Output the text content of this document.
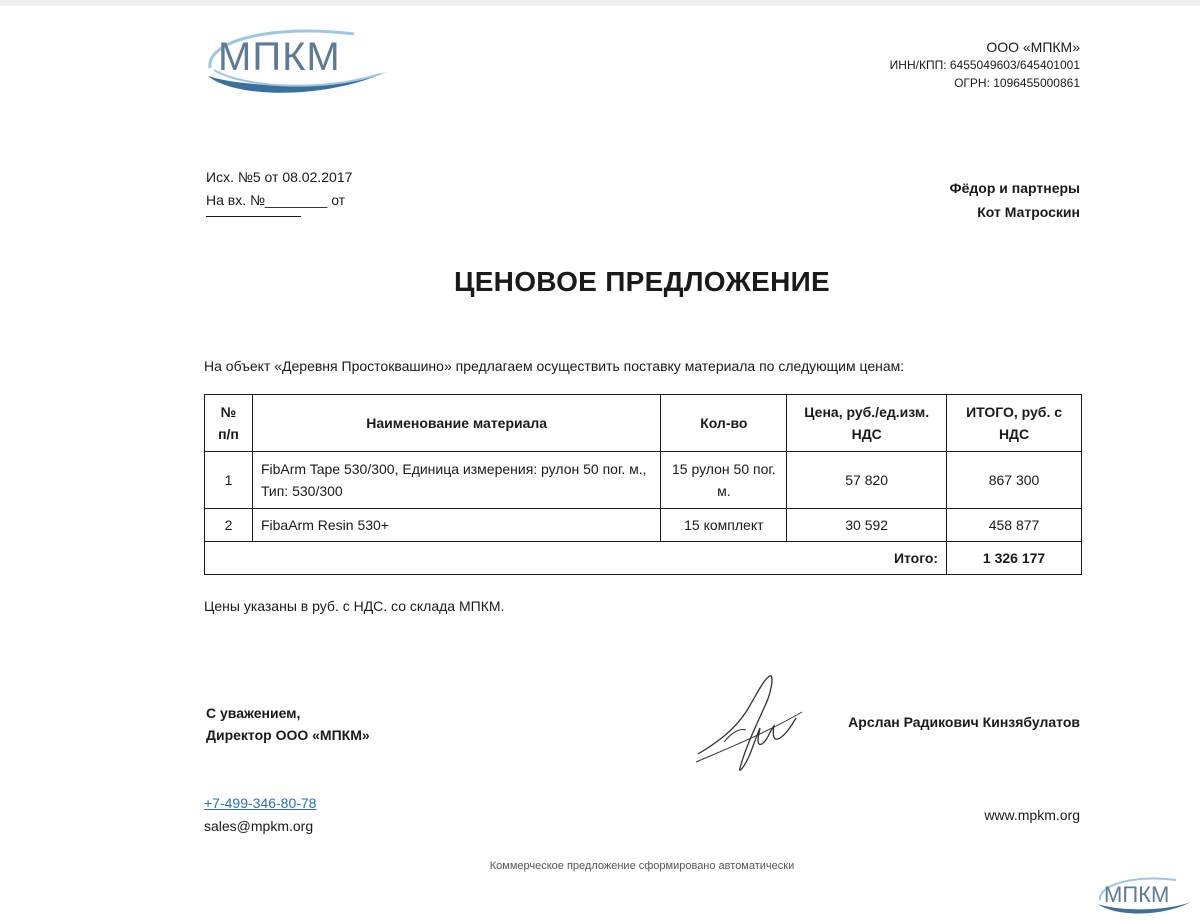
МПКМ	ООО «МПКМ»
ИНН/КПП: 6455049603/645401001
ОГРН: 1096455000861
Исх. №5 от 08.02.2017
На вх. №________ от
Фёдор и партнеры
Кот Матроскин
ЦЕНОВОЕ ПРЕДЛОЖЕНИЕ
На объект «Деревня Простоквашино» предлагаем осуществить поставку материала по следующим ценам:
№ п/п	Наименование материала	Кол-во	Цена, руб./ед.изм. НДС	ИТОГО, руб. с НДС
1	FibArm Tape 530/300, Единица измерения: рулон 50 пог. м., Тип: 530/300	15 рулон 50 пог. м.	57 820	867 300
2	FibaArm Resin 530+	15 комплект	30 592	458 877
Итого:				1 326 177
Цены указаны в руб. с НДС. со склада МПКМ.
С уважением,
Директор ООО «МПКМ»
Арслан Радикович Кинзябулатов
+7-499-346-80-78
sales@mpkm.org
www.mpkm.org
Коммерческое предложение сформировано автоматически
МПКМ
